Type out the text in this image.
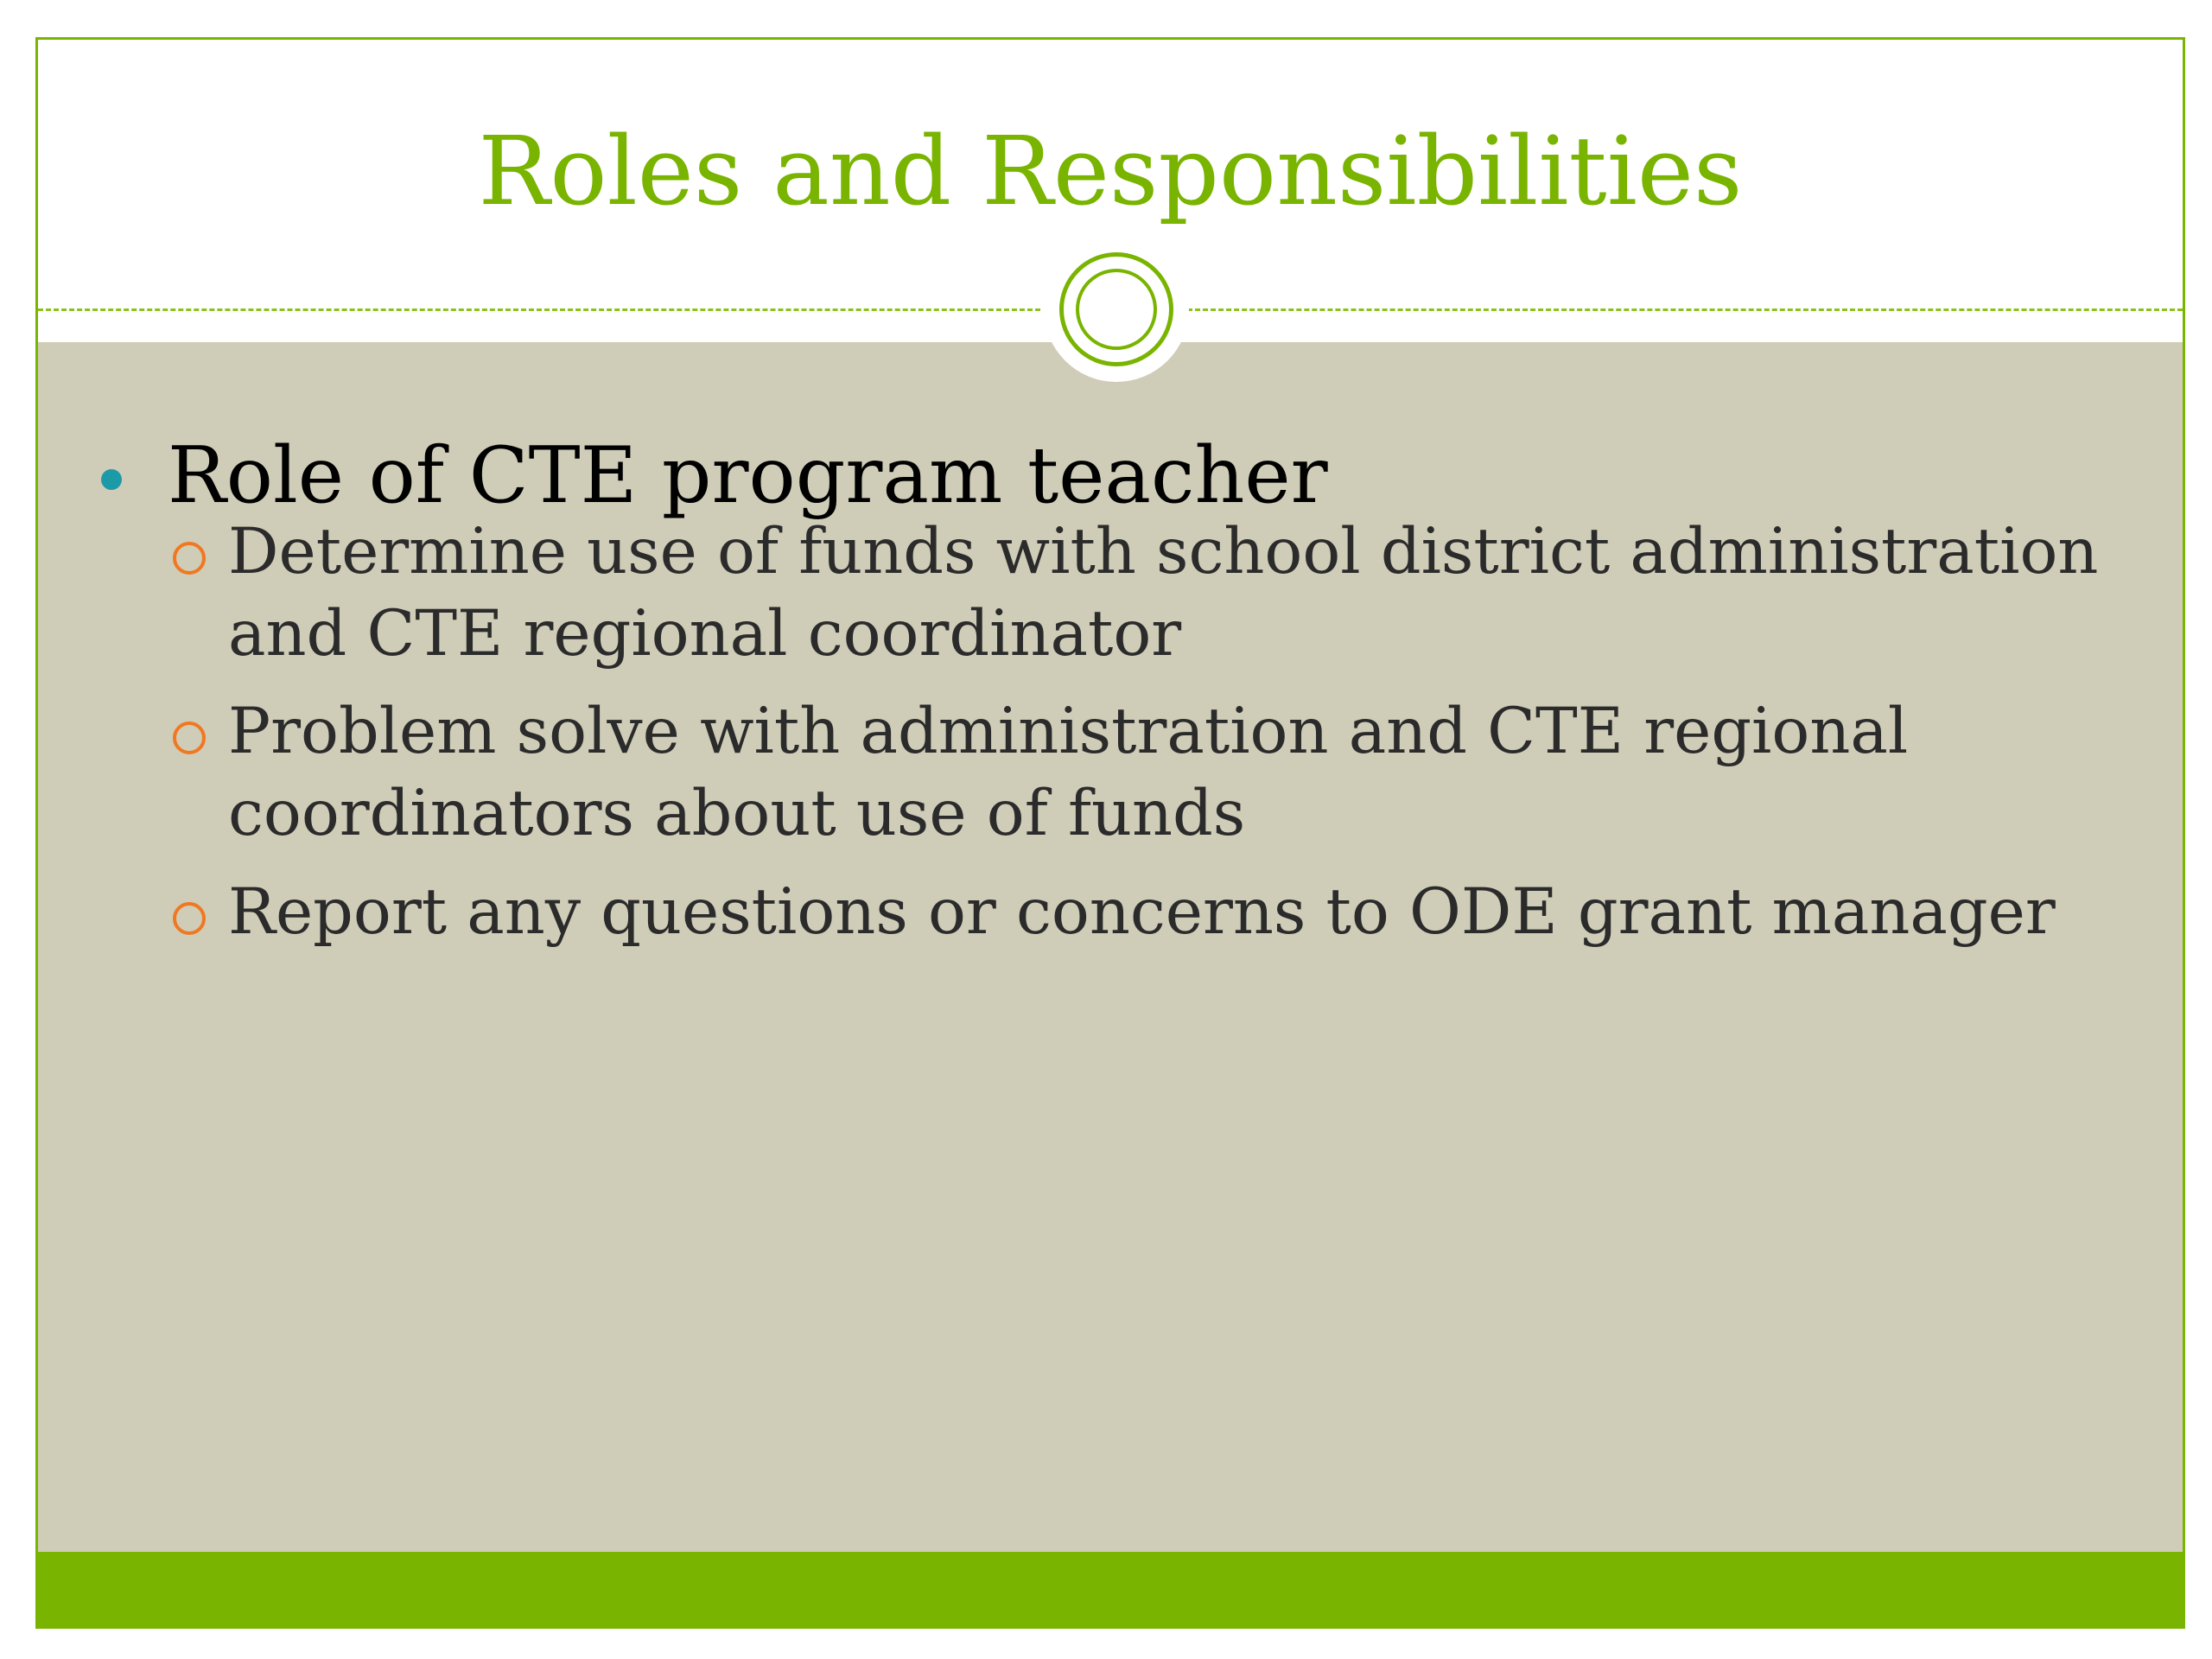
Roles and Responsibilities

Role of CTE program teacher

Determine use of funds with school district administration and CTE regional coordinator
Problem solve with administration and CTE regional coordinators about use of funds
Report any questions or concerns to ODE grant manager
